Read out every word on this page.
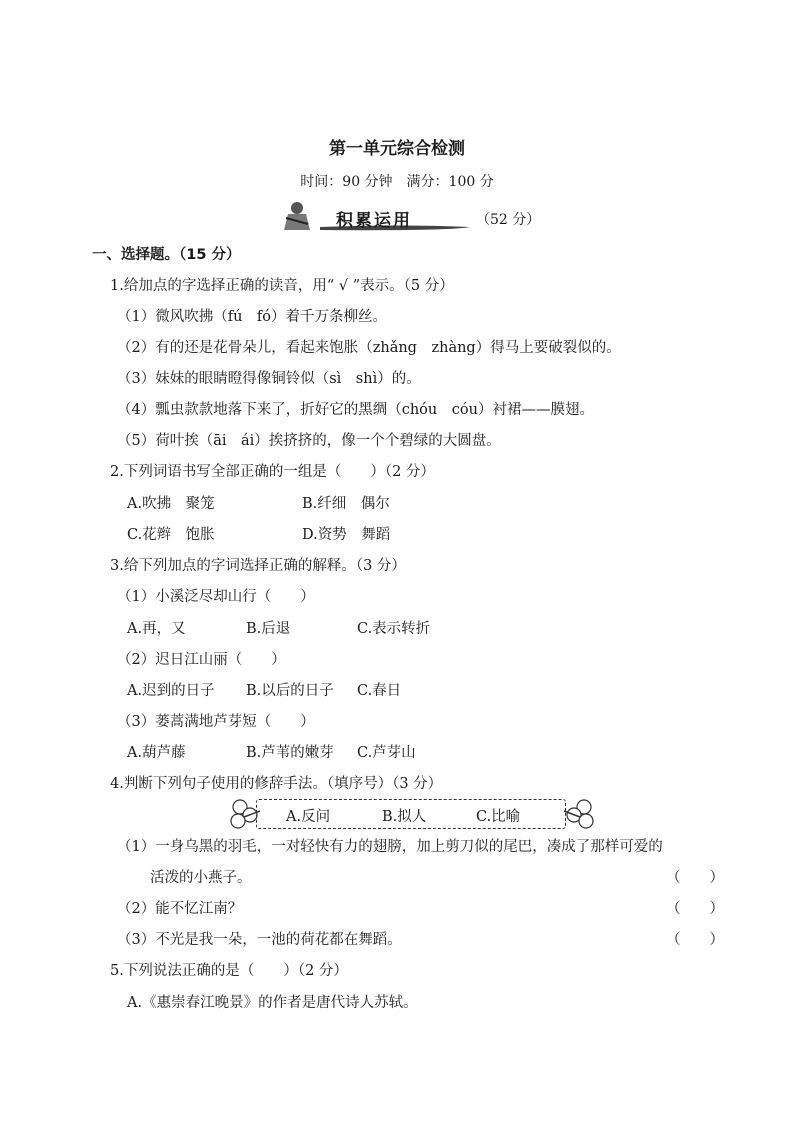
第一单元综合检测
时间：90 分钟　满分：100 分
积累运用	（52 分）
一、选择题。（15 分）
1.给加点的字选择正确的读音，用“ √ ”表示。（5 分）
（1）微风吹拂（fú　fó）着千万条柳丝。
（2）有的还是花骨朵儿，看起来饱胀（zhǎng　zhàng）得马上要破裂似的。
（3）妹妹的眼睛瞪得像铜铃似（sì　shì）的。
（4）瓢虫款款地落下来了，折好它的黑绸（chóu　cóu）衬裙——膜翅。
（5）荷叶挨（āi　ái）挨挤挤的，像一个个碧绿的大圆盘。
2.下列词语书写全部正确的一组是（　　）（2 分）
A.吹拂　聚笼	B.纤细　偶尔
C.花辫　饱胀	D.资势　舞蹈
3.给下列加点的字词选择正确的解释。（3 分）
（1）小溪泛尽却山行（　　）
A.再，又	B.后退	C.表示转折
（2）迟日江山丽（　　）
A.迟到的日子 B.以后的日子 C.春日
（3）蒌蒿满地芦芽短（　　）
A.葫芦藤	B.芦苇的嫩芽 C.芦芽山
4.判断下列句子使用的修辞手法。（填序号）（3 分）
A.反问	B.拟人	C.比喻
（1）一身乌黑的羽毛，一对轻快有力的翅膀，加上剪刀似的尾巴，凑成了那样可爱的
活泼的小燕子。	（　　）
（2）能不忆江南？	（　　）
（3）不光是我一朵，一池的荷花都在舞蹈。	（　　）
5.下列说法正确的是（　　）（2 分）
A.《惠崇春江晚景》的作者是唐代诗人苏轼。
